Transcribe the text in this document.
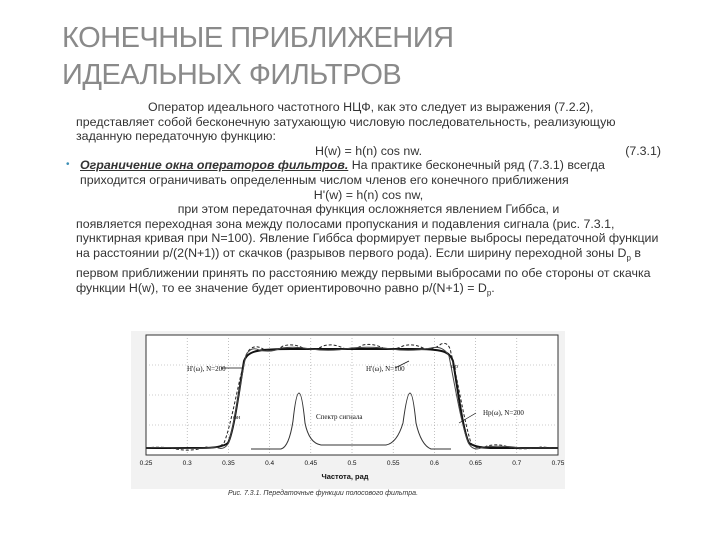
КОНЕЧНЫЕ ПРИБЛИЖЕНИЯ
ИДЕАЛЬНЫХ ФИЛЬТРОВ

Оператор идеального частотного НЦФ, как это следует из выражения (7.2.2), представляет собой бесконечную затухающую числовую последовательность, реализующую заданную передаточную функцию:

H(w) = h(n) cos nw.	(7.3.1)
• Ограничение окна операторов фильтров. На практике бесконечный ряд (7.3.1) всегда приходится ограничивать определенным числом членов его конечного приближения
H'(w) = h(n) cos nw,
при этом передаточная функция осложняется явлением Гиббса, и

появляется переходная зона между полосами пропускания и подавления сигнала (рис. 7.3.1, пунктирная кривая при N=100). Явление Гиббса формирует первые выбросы передаточной функции на расстоянии p/(2(N+1)) от скачков (разрывов первого рода). Если ширину переходной зоны $D_p$ в первом приближении принять по расстоянию между первыми выбросами по обе стороны от скачка функции H(w), то ее значение будет ориентировочно равно $p/(N+1) = D_p$.

H'(ω), N=200	H'(ω), N=100	ωp
ωн	Спектр сигнала	Hp(ω), N=200
0.25	0.3	0.35	0.4	0.45	0.5	0.55	0.6	0.65	0.7	0.75
Частота, рад
Рис. 7.3.1. Передаточные функции полосового фильтра.
